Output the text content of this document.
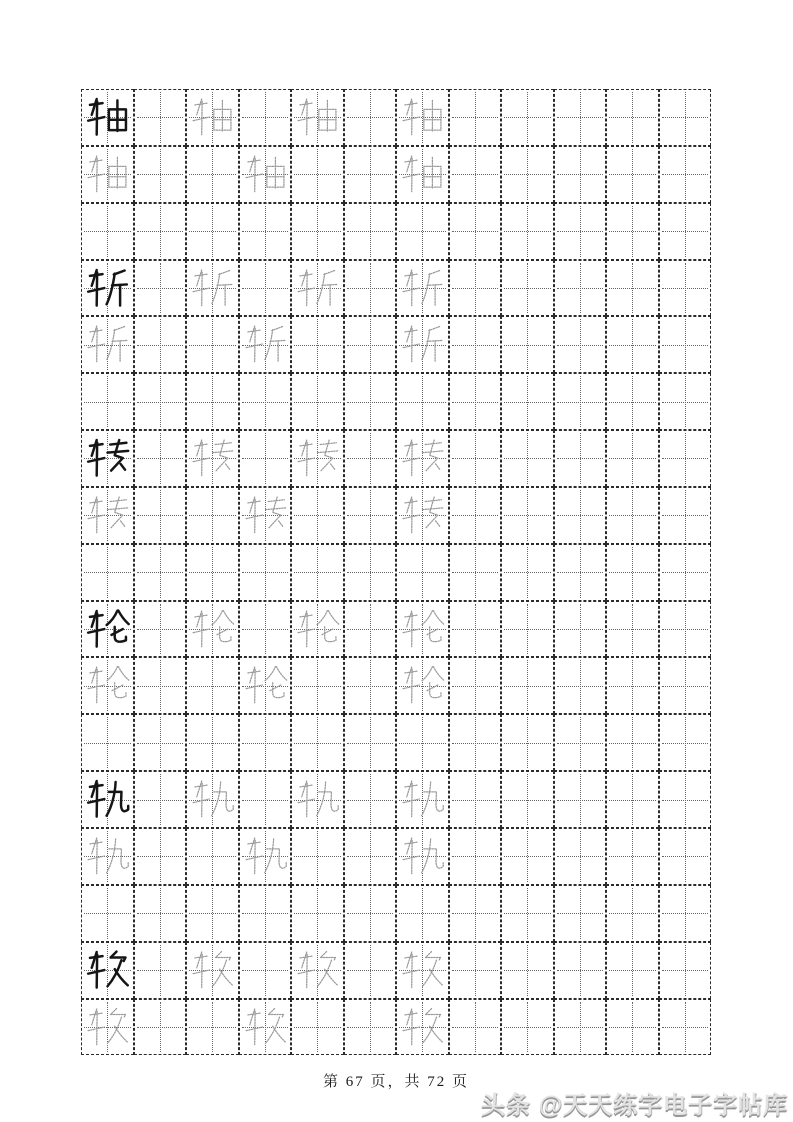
第 67 页，共 72 页
头条 @天天练字电子字帖库
